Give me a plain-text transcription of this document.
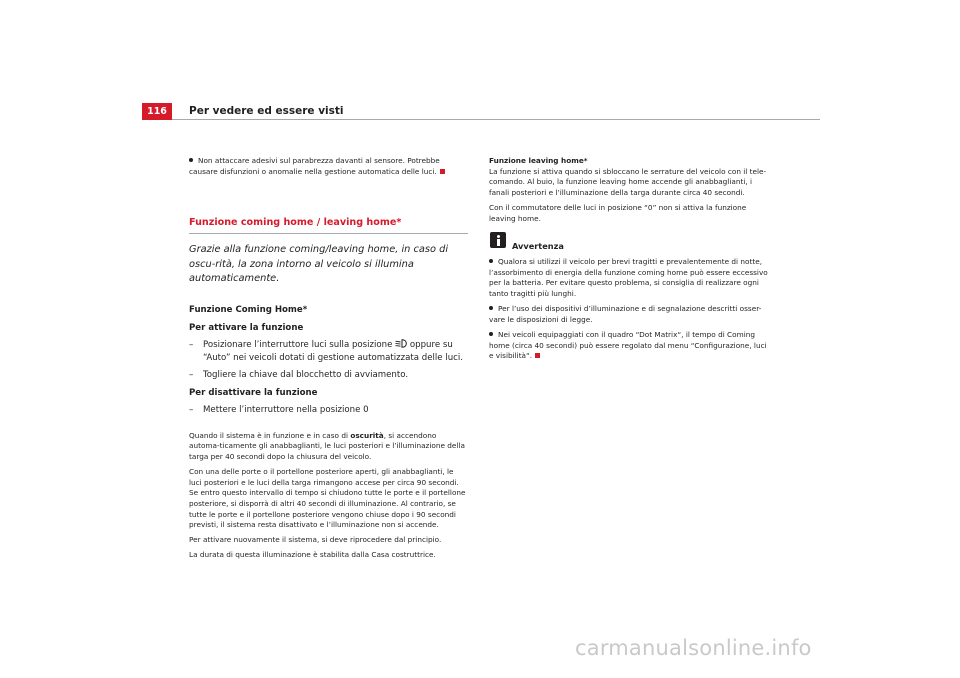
116	Per vedere ed essere visti

Non attaccare adesivi sul parabrezza davanti al sensore. Potrebbe causare disfunzioni o anomalie nella gestione automatica delle luci.

Funzione coming home / leaving home*

Grazie alla funzione coming/leaving home, in caso di oscu-rità, la zona intorno al veicolo si illumina automaticamente.

Funzione Coming Home*
Per attivare la funzione
– Posizionare l’interruttore luci sulla posizione oppure su “Auto” nei veicoli dotati di gestione automatizzata delle luci.
– Togliere la chiave dal blocchetto di avviamento.
Per disattivare la funzione
– Mettere l’interruttore nella posizione 0

Quando il sistema è in funzione e in caso di oscurità, si accendono automa-ticamente gli anabbaglianti, le luci posteriori e l’illuminazione della targa per 40 secondi dopo la chiusura del veicolo.

Con una delle porte o il portellone posteriore aperti, gli anabbaglianti, le luci posteriori e le luci della targa rimangono accese per circa 90 secondi. Se entro questo intervallo di tempo si chiudono tutte le porte e il portellone posteriore, si disporrà di altri 40 secondi di illuminazione. Al contrario, se tutte le porte e il portellone posteriore vengono chiuse dopo i 90 secondi previsti, il sistema resta disattivato e l’illuminazione non si accende.

Per attivare nuovamente il sistema, si deve riprocedere dal principio.

La durata di questa illuminazione è stabilita dalla Casa costruttrice.

Funzione leaving home*

La funzione si attiva quando si sbloccano le serrature del veicolo con il tele-comando. Al buio, la funzione leaving home accende gli anabbaglianti, i fanali posteriori e l’illuminazione della targa durante circa 40 secondi.

Con il commutatore delle luci in posizione “0” non si attiva la funzione leaving home.

Avvertenza

Qualora si utilizzi il veicolo per brevi tragitti e prevalentemente di notte, l’assorbimento di energia della funzione coming home può essere eccessivo per la batteria. Per evitare questo problema, si consiglia di realizzare ogni tanto tragitti più lunghi.

Per l’uso dei dispositivi d’illuminazione e di segnalazione descritti osser-vare le disposizioni di legge.

Nei veicoli equipaggiati con il quadro “Dot Matrix“, il tempo di Coming home (circa 40 secondi) può essere regolato dal menu “Configurazione, luci e visibilità“.

carmanualsonline.info
